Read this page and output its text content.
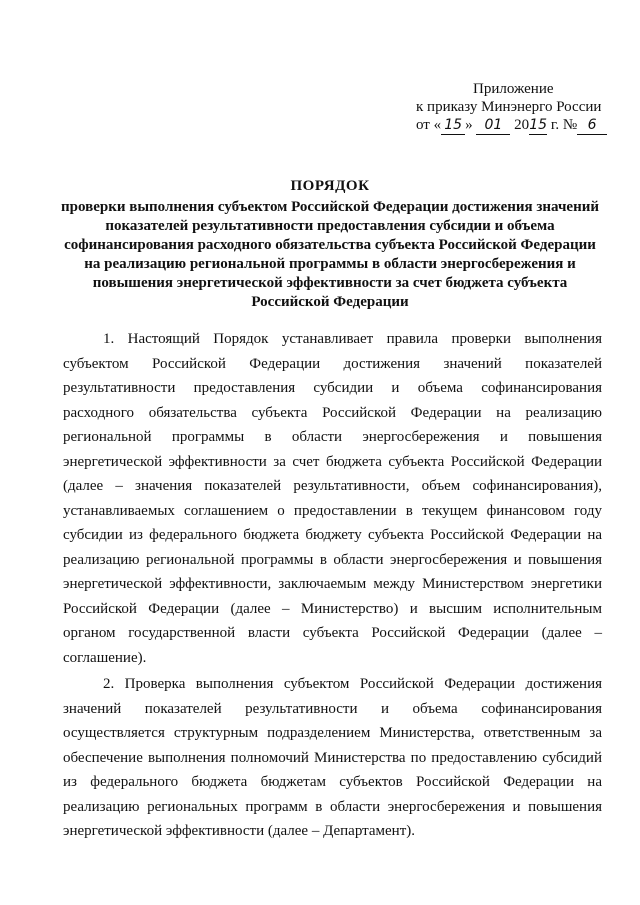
Приложение
к приказу Минэнерго России
от « 15 » 01 2015 г. № 6
ПОРЯДОК
проверки выполнения субъектом Российской Федерации достижения значений
показателей результативности предоставления субсидии и объема
софинансирования расходного обязательства субъекта Российской Федерации
на реализацию региональной программы в области энергосбережения и
повышения энергетической эффективности за счет бюджета субъекта
Российской Федерации

1. Настоящий Порядок устанавливает правила проверки выполнения субъектом Российской Федерации достижения значений показателей результативности предоставления субсидии и объема софинансирования расходного обязательства субъекта Российской Федерации на реализацию региональной программы в области энергосбережения и повышения энергетической эффективности за счет бюджета субъекта Российской Федерации (далее – значения показателей результативности, объем софинансирования), устанавливаемых соглашением о предоставлении в текущем финансовом году субсидии из федерального бюджета бюджету субъекта Российской Федерации на реализацию региональной программы в области энергосбережения и повышения энергетической эффективности, заключаемым между Министерством энергетики Российской Федерации (далее – Министерство) и высшим исполнительным органом государственной власти субъекта Российской Федерации (далее – соглашение).

2. Проверка выполнения субъектом Российской Федерации достижения значений показателей результативности и объема софинансирования осуществляется структурным подразделением Министерства, ответственным за обеспечение выполнения полномочий Министерства по предоставлению субсидий из федерального бюджета бюджетам субъектов Российской Федерации на реализацию региональных программ в области энергосбережения и повышения энергетической эффективности (далее – Департамент).
